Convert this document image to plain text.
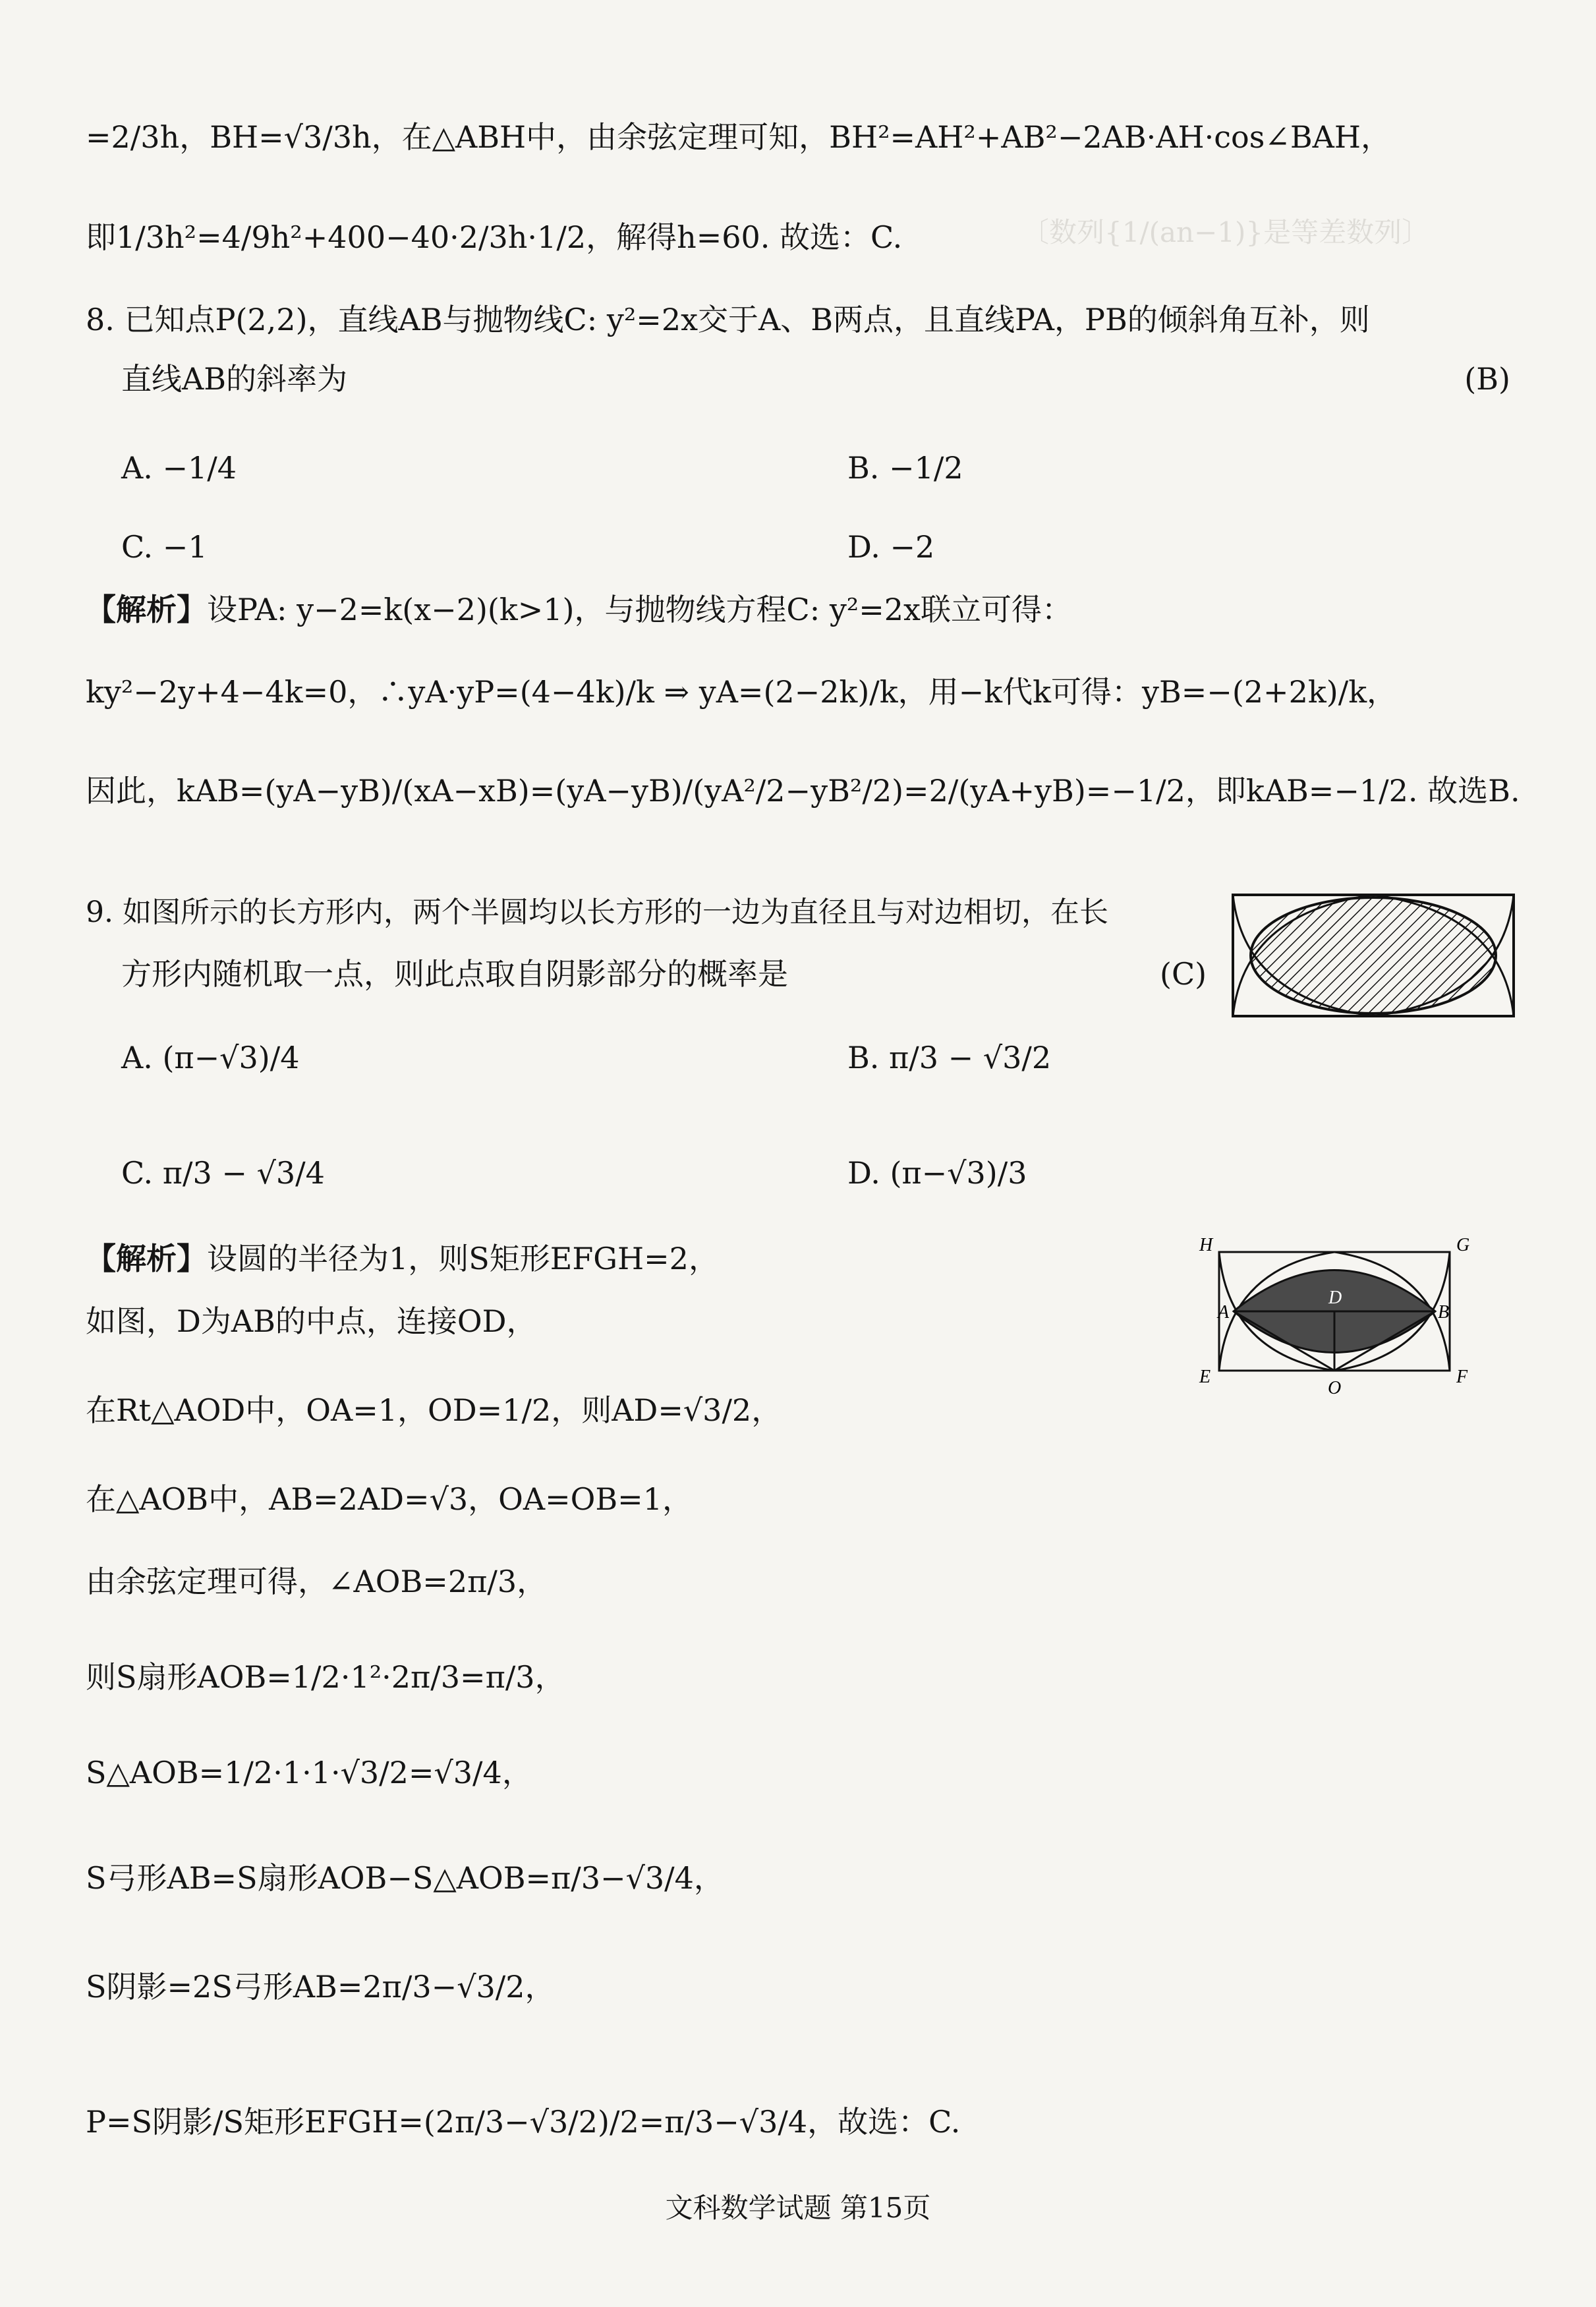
〔数列{1/(an−1)}是等差数列〕
=2/3h，BH=√3/3h，在△ABH中，由余弦定理可知，BH²=AH²+AB²−2AB·AH·cos∠BAH，
即1/3h²=4/9h²+400−40·2/3h·1/2，解得h=60. 故选：C.
8. 已知点P(2,2)，直线AB与抛物线C: y²=2x交于A、B两点，且直线PA，PB的倾斜角互补，则
直线AB的斜率为	(B)
A. −1/4	B. −1/2
C. −1	D. −2
【解析】设PA: y−2=k(x−2)(k>1)，与抛物线方程C: y²=2x联立可得：
ky²−2y+4−4k=0，∴yA·yP=(4−4k)/k ⇒ yA=(2−2k)/k，用−k代k可得：yB=−(2+2k)/k，
因此，kAB=(yA−yB)/(xA−xB)=(yA−yB)/(yA²/2−yB²/2)=2/(yA+yB)=−1/2，即kAB=−1/2. 故选B.
9. 如图所示的长方形内，两个半圆均以长方形的一边为直径且与对边相切，在长
方形内随机取一点，则此点取自阴影部分的概率是	(C)
A. (π−√3)/4	B. π/3 − √3/2
C. π/3 − √3/4	D. (π−√3)/3
【解析】设圆的半径为1，则S矩形EFGH=2，
如图，D为AB的中点，连接OD，
在Rt△AOD中，OA=1，OD=1/2，则AD=√3/2，
在△AOB中，AB=2AD=√3，OA=OB=1，
由余弦定理可得，∠AOB=2π/3，
则S扇形AOB=1/2·1²·2π/3=π/3，
S△AOB=1/2·1·1·√3/2=√3/4，
S弓形AB=S扇形AOB−S△AOB=π/3−√3/4，
S阴影=2S弓形AB=2π/3−√3/2，
P=S阴影/S矩形EFGH=(2π/3−√3/2)/2=π/3−√3/4，故选：C.
H	G
A	B
D
E
O
F
文科数学试题 第15页
